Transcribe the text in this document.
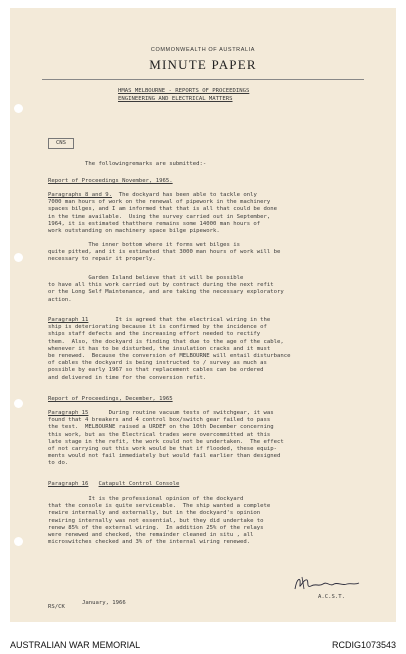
COMMONWEALTH OF AUSTRALIA
MINUTE PAPER
HMAS MELBOURNE - REPORTS OF PROCEEDINGS
ENGINEERING AND ELECTRICAL MATTERS
CNS
The followingremarks are submitted:-
Report of Proceedings November, 1965.
Paragraphs 8 and 9.  The dockyard has been able to tackle only
7000 man hours of work on the renewal of pipework in the machinery
spaces bilges, and I am informed that that is all that could be done
in the time available.  Using the survey carried out in September,
1964, it is estimated thatthere remains some 14000 man hours of
work outstanding on machinery space bilge pipework.
The inner bottom where it forms wet bilges is
quite pitted, and it is estimated that 3000 man hours of work will be
necessary to repair it properly.
Garden Island believe that it will be possible
to have all this work carried out by contract during the next refit
or the Long Self Maintenance, and are taking the necessary exploratory
action.
Paragraph 11        It is agreed that the electrical wiring in the
ship is deteriorating because it is confirmed by the incidence of
ships staff defects and the increasing effort needed to rectify
them.  Also, the dockyard is finding that due to the age of the cable,
whenever it has to be disturbed, the insulation cracks and it must
be renewed.  Because the conversion of MELBOURNE will entail disturbance
of cables the dockyard is being instructed to / survey as much as
possible by early 1967 so that replacement cables can be ordered
and delivered in time for the conversion refit.
Report of Proceedings, December, 1965
Paragraph 15      During routine vacuum tests of switchgear, it was
found that 4 breakers and 4 control box/switch gear failed to pass
the test.  MELBOURNE raised a URDEF on the 10th December concerning
this work, but as the Electrical trades were overcommitted at this
late stage in the refit, the work could not be undertaken.  The effect
of not carrying out this work would be that if flooded, these equip-
ments would not fail immediately but would fail earlier than designed
to do.
Paragraph 16 Catapult Control Console
It is the professional opinion of the dockyard
that the console is quite serviceable.  The ship wanted a complete
rewire internally and externally, but in the dockyard's opinion
rewiring internally was not essential, but they did undertake to
renew 85% of the external wiring.  In addition 25% of the relays
were renewed and checked, the remainder cleaned in situ , all
microswitches checked and 3% of the internal wiring renewed.
A.C.S.T.
RS/CK
January, 1966
AUSTRALIAN WAR MEMORIAL	RCDIG1073543
